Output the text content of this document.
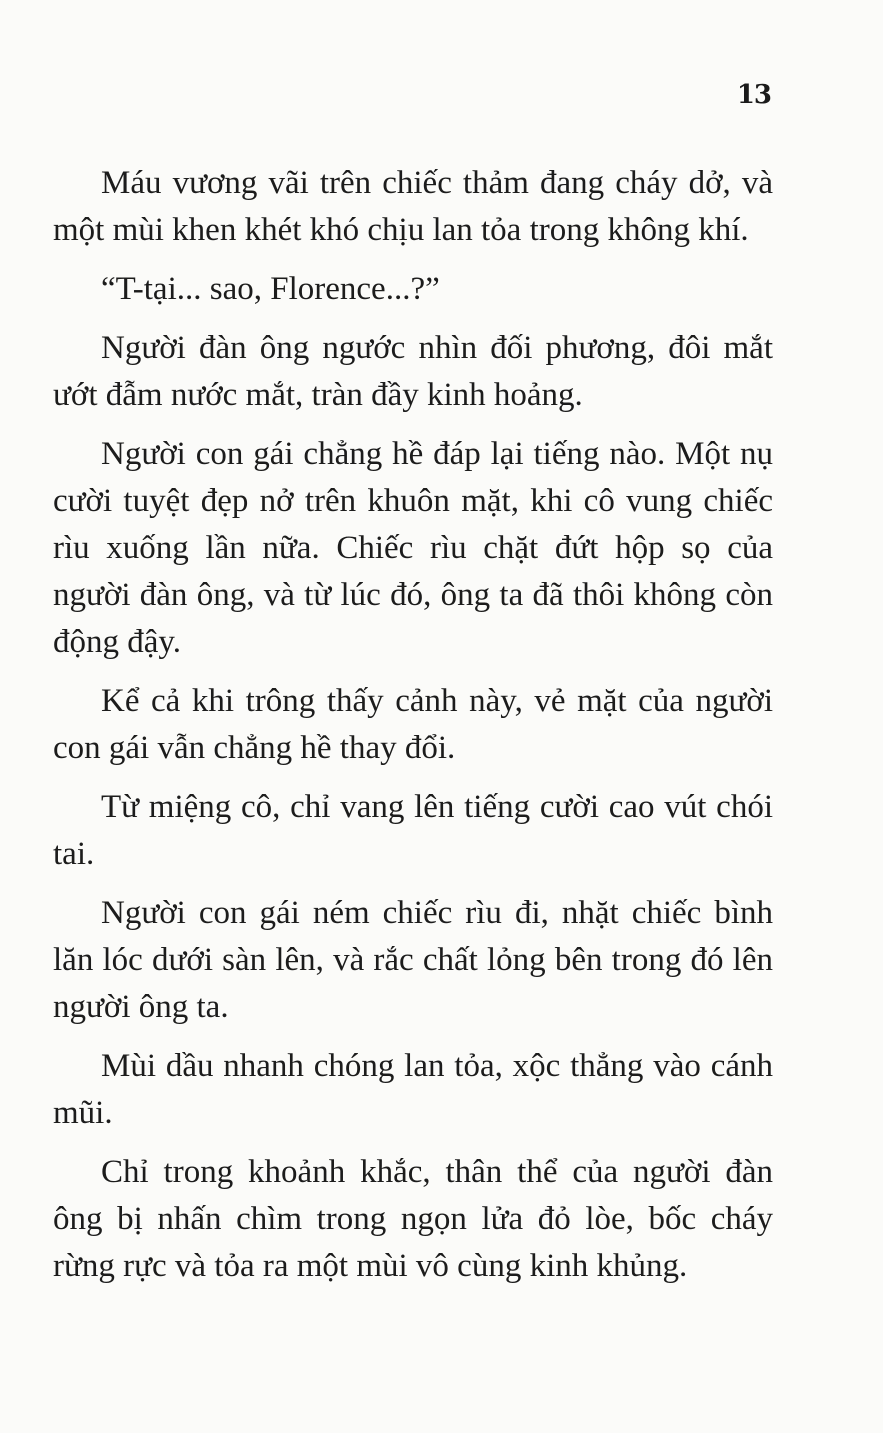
13

Máu vương vãi trên chiếc thảm đang cháy dở, và một mùi khen khét khó chịu lan tỏa trong không khí.

“T-tại... sao, Florence...?”

Người đàn ông ngước nhìn đối phương, đôi mắt ướt đẫm nước mắt, tràn đầy kinh hoảng.

Người con gái chẳng hề đáp lại tiếng nào. Một nụ cười tuyệt đẹp nở trên khuôn mặt, khi cô vung chiếc rìu xuống lần nữa. Chiếc rìu chặt đứt hộp sọ của người đàn ông, và từ lúc đó, ông ta đã thôi không còn động đậy.

Kể cả khi trông thấy cảnh này, vẻ mặt của người con gái vẫn chẳng hề thay đổi.

Từ miệng cô, chỉ vang lên tiếng cười cao vút chói tai.

Người con gái ném chiếc rìu đi, nhặt chiếc bình lăn lóc dưới sàn lên, và rắc chất lỏng bên trong đó lên người ông ta.

Mùi dầu nhanh chóng lan tỏa, xộc thẳng vào cánh mũi.

Chỉ trong khoảnh khắc, thân thể của người đàn ông bị nhấn chìm trong ngọn lửa đỏ lòe, bốc cháy rừng rực và tỏa ra một mùi vô cùng kinh khủng.
